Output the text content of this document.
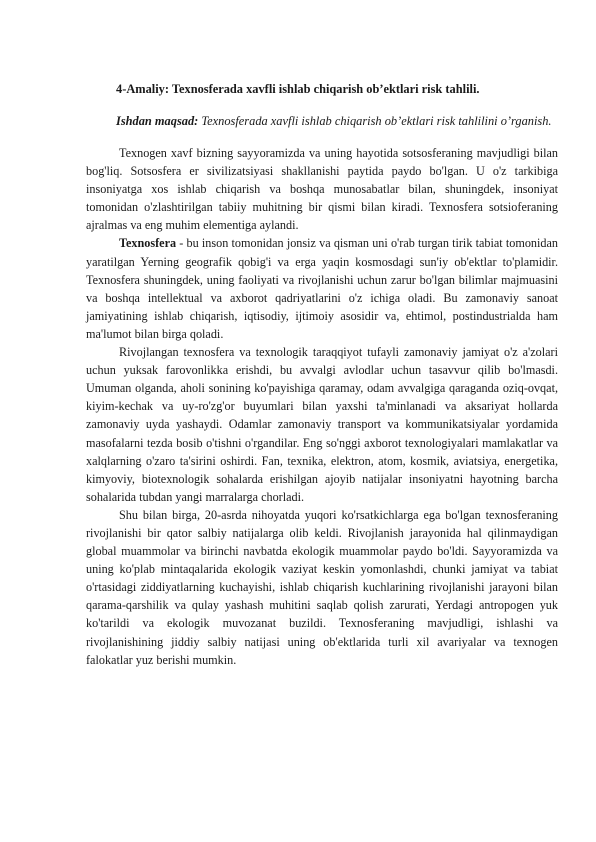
4-Amaliy: Texnosferada xavfli ishlab chiqarish ob’ektlari risk tahlili.
Ishdan maqsad: Texnosferada xavfli ishlab chiqarish ob’ektlari risk tahlilini o’rganish.

Texnogen xavf bizning sayyoramizda va uning hayotida sotsosferaning mavjudligi bilan bog'liq. Sotsosfera er sivilizatsiyasi shakllanishi paytida paydo bo'lgan. U o'z tarkibiga insoniyatga xos ishlab chiqarish va boshqa munosabatlar bilan, shuningdek, insoniyat tomonidan o'zlashtirilgan tabiiy muhitning bir qismi bilan kiradi. Texnosfera sotsioferaning ajralmas va eng muhim elementiga aylandi.

Texnosfera - bu inson tomonidan jonsiz va qisman uni o'rab turgan tirik tabiat tomonidan yaratilgan Yerning geografik qobig'i va erga yaqin kosmosdagi sun'iy ob'ektlar to'plamidir. Texnosfera shuningdek, uning faoliyati va rivojlanishi uchun zarur bo'lgan bilimlar majmuasini va boshqa intellektual va axborot qadriyatlarini o'z ichiga oladi. Bu zamonaviy sanoat jamiyatining ishlab chiqarish, iqtisodiy, ijtimoiy asosidir va, ehtimol, postindustrialda ham ma'lumot bilan birga qoladi.

Rivojlangan texnosfera va texnologik taraqqiyot tufayli zamonaviy jamiyat o'z a'zolari uchun yuksak farovonlikka erishdi, bu avvalgi avlodlar uchun tasavvur qilib bo'lmasdi. Umuman olganda, aholi sonining ko'payishiga qaramay, odam avvalgiga qaraganda oziq-ovqat, kiyim-kechak va uy-ro'zg'or buyumlari bilan yaxshi ta'minlanadi va aksariyat hollarda zamonaviy uyda yashaydi. Odamlar zamonaviy transport va kommunikatsiyalar yordamida masofalarni tezda bosib o'tishni o'rgandilar. Eng so'nggi axborot texnologiyalari mamlakatlar va xalqlarning o'zaro ta'sirini oshirdi. Fan, texnika, elektron, atom, kosmik, aviatsiya, energetika, kimyoviy, biotexnologik sohalarda erishilgan ajoyib natijalar insoniyatni hayotning barcha sohalarida tubdan yangi marralarga chorladi.

Shu bilan birga, 20-asrda nihoyatda yuqori ko'rsatkichlarga ega bo'lgan texnosferaning rivojlanishi bir qator salbiy natijalarga olib keldi. Rivojlanish jarayonida hal qilinmaydigan global muammolar va birinchi navbatda ekologik muammolar paydo bo'ldi. Sayyoramizda va uning ko'plab mintaqalarida ekologik vaziyat keskin yomonlashdi, chunki jamiyat va tabiat o'rtasidagi ziddiyatlarning kuchayishi, ishlab chiqarish kuchlarining rivojlanishi jarayoni bilan qarama-qarshilik va qulay yashash muhitini saqlab qolish zarurati, Yerdagi antropogen yuk ko'tarildi va ekologik muvozanat buzildi. Texnosferaning mavjudligi, ishlashi va rivojlanishining jiddiy salbiy natijasi uning ob'ektlarida turli xil avariyalar va texnogen falokatlar yuz berishi mumkin.
